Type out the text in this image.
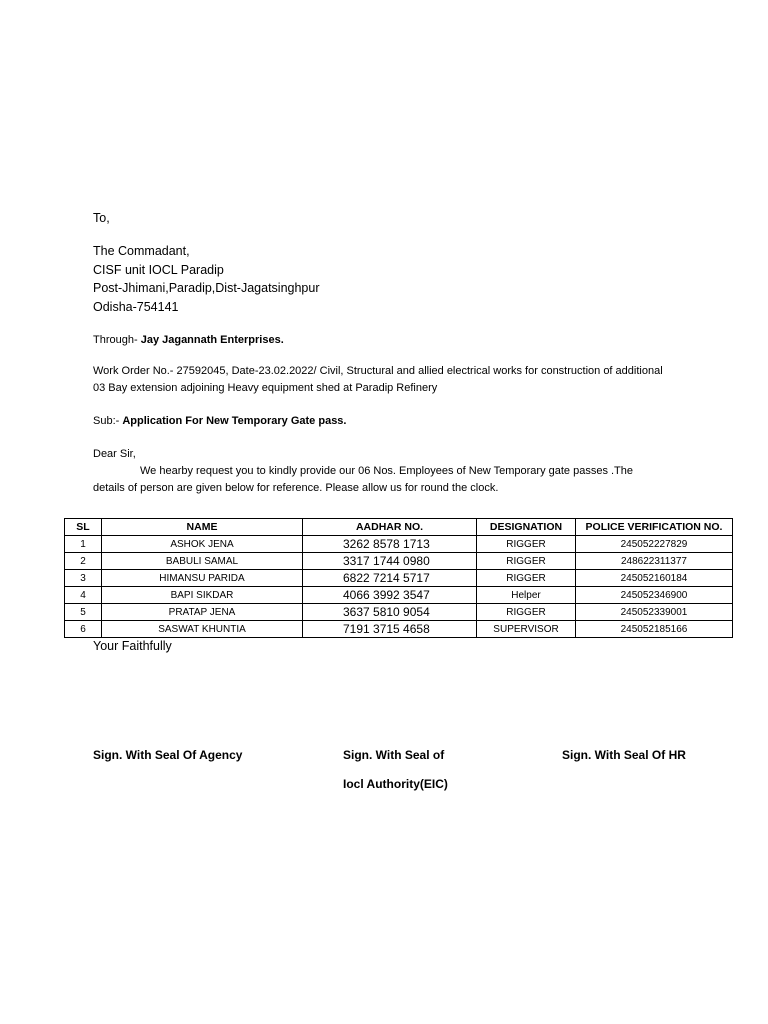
To,
The Commadant,
CISF unit IOCL Paradip
Post-Jhimani,Paradip,Dist-Jagatsinghpur
Odisha-754141
Through- Jay Jagannath Enterprises.
Work Order No.- 27592045, Date-23.02.2022/ Civil, Structural and allied electrical works for construction of additional 03 Bay extension adjoining Heavy equipment shed at Paradip Refinery
Sub:- Application For New Temporary Gate pass.
Dear Sir,
We hearby request you to kindly provide our 06 Nos. Employees of New Temporary gate passes .The
details of person are given below for reference. Please allow us for round the clock.
SL	NAME	AADHAR NO.	DESIGNATION	POLICE VERIFICATION NO.
1	ASHOK JENA	3262 8578 1713	RIGGER	245052227829
2	BABULI SAMAL	3317 1744 0980	RIGGER	248622311377
3	HIMANSU PARIDA	6822 7214 5717	RIGGER	245052160184
4	BAPI SIKDAR	4066 3992 3547	Helper	245052346900
5	PRATAP JENA	3637 5810 9054	RIGGER	245052339001
6	SASWAT KHUNTIA	7191 3715 4658	SUPERVISOR	245052185166
Your Faithfully
Sign. With Seal Of Agency	Sign. With Seal of
Iocl Authority(EIC)
Sign. With Seal Of HR
